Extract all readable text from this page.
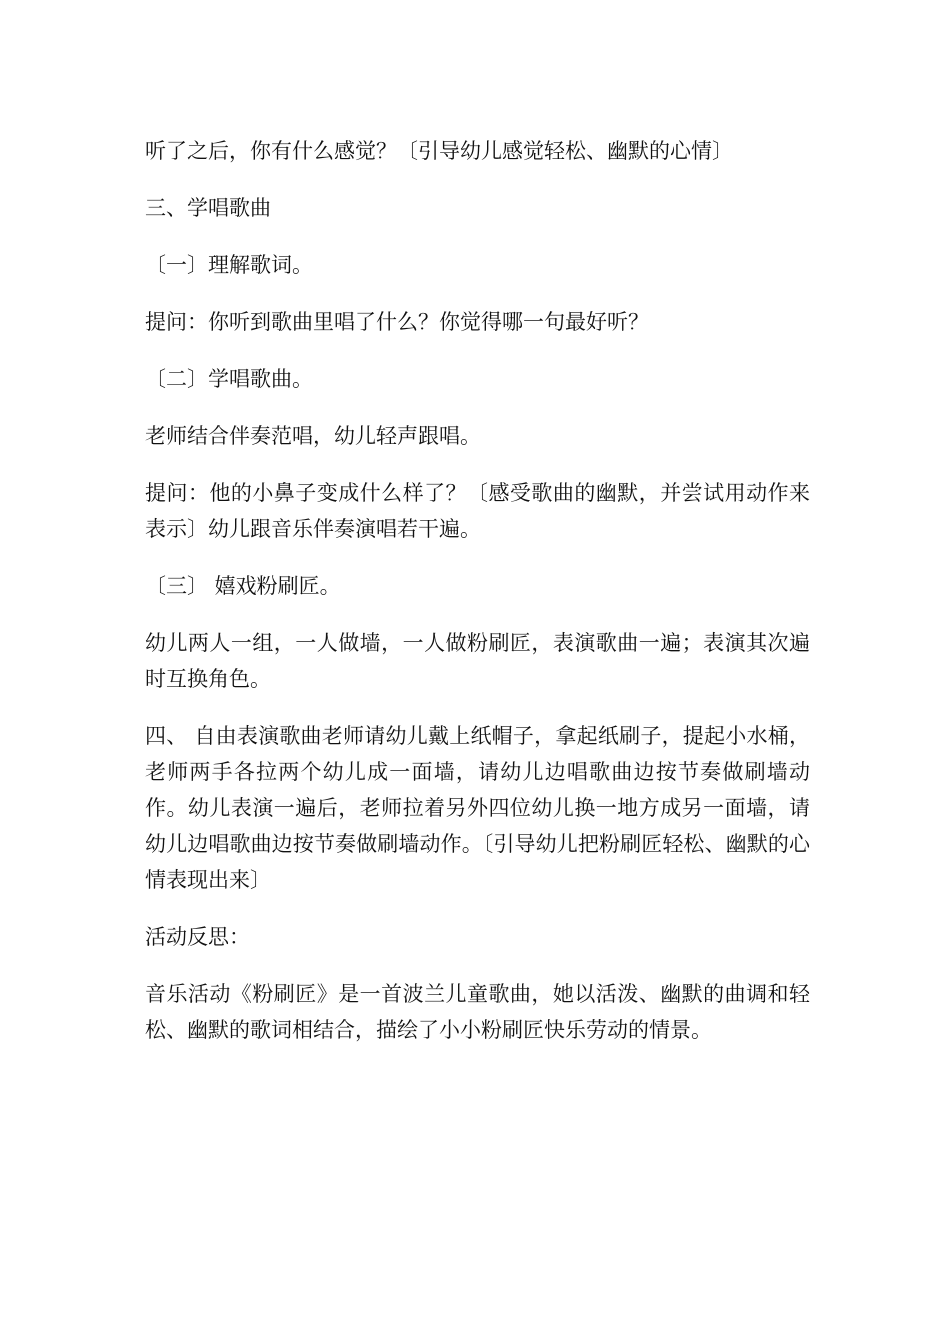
听了之后，你有什么感觉？〔引导幼儿感觉轻松、幽默的心情〕

三、学唱歌曲

〔一〕理解歌词。

提问：你听到歌曲里唱了什么？你觉得哪一句最好听？

〔二〕学唱歌曲。

老师结合伴奏范唱，幼儿轻声跟唱。

提问：他的小鼻子变成什么样了？〔感受歌曲的幽默，并尝试用动作来表示〕幼儿跟音乐伴奏演唱若干遍。

〔三〕 嬉戏粉刷匠。

幼儿两人一组，一人做墙，一人做粉刷匠，表演歌曲一遍；表演其次遍时互换角色。

四、 自由表演歌曲老师请幼儿戴上纸帽子，拿起纸刷子，提起小水桶，老师两手各拉两个幼儿成一面墙，请幼儿边唱歌曲边按节奏做刷墙动作。幼儿表演一遍后，老师拉着另外四位幼儿换一地方成另一面墙，请幼儿边唱歌曲边按节奏做刷墙动作。〔引导幼儿把粉刷匠轻松、幽默的心情表现出来〕

活动反思：

音乐活动《粉刷匠》是一首波兰儿童歌曲，她以活泼、幽默的曲调和轻松、幽默的歌词相结合，描绘了小小粉刷匠快乐劳动的情景。
